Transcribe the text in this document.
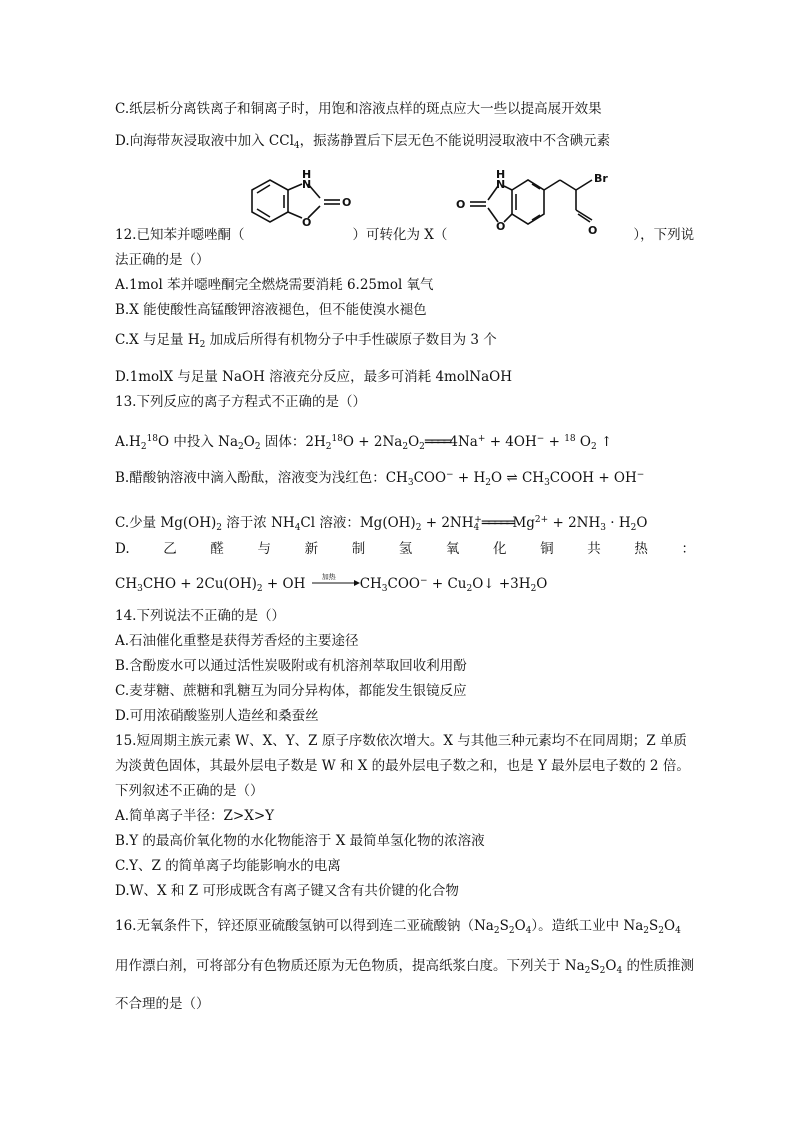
C.纸层析分离铁离子和铜离子时，用饱和溶液点样的斑点应大一些以提高展开效果
D.向海带灰浸取液中加入 CCl$_4$，振荡静置后下层无色不能说明浸取液中不含碘元素
H
N
O
O
H
N
O
O
Br
O
12.已知苯并噁唑酮（	）可转化为 X（	），下列说
法正确的是（）
A.1mol 苯并噁唑酮完全燃烧需要消耗 6.25mol 氧气
B.X 能使酸性高锰酸钾溶液褪色，但不能使溴水褪色
C.X 与足量 $H_2$ 加成后所得有机物分子中手性碳原子数目为 3 个
D.1molX 与足量 NaOH 溶液充分反应，最多可消耗 4molNaOH
13.下列反应的离子方程式不正确的是（）
$A.H_2^{18}O$ 中投入 $Na_2O_2$ 固体：$2H_2^{18}O$ + $2Na_2O_2════4Na^+ + 4OH^- + ^{18}$ $O_2$ ↑
B.醋酸钠溶液中滴入酚酞，溶液变为浅红色：$CH_3COO^- + H_2O$ ⇌ $CH_3COOH + OH^-$
C.少量 $Mg(OH)_2$ 溶于浓 $NH_4Cl$ 溶液：$Mg(OH)_2$ + $2NH_4^+═════Mg^{2+} + 2NH_3 \cdot H_2O$
D. 乙 醛 与 新 制 氢 氧 化 铜 共 热 ：
$CH_3CHO + 2Cu(OH)_2$ + OH 加热 $CH_3COO^-$ + $Cu_2O↓ +3H_2O$
14.下列说法不正确的是（）
A.石油催化重整是获得芳香烃的主要途径
B.含酚废水可以通过活性炭吸附或有机溶剂萃取回收利用酚
C.麦芽糖、蔗糖和乳糖互为同分异构体，都能发生银镜反应
D.可用浓硝酸鉴别人造丝和桑蚕丝
15.短周期主族元素 W、X、Y、Z 原子序数依次增大。X 与其他三种元素均不在同周期；Z 单质
为淡黄色固体，其最外层电子数是 W 和 X 的最外层电子数之和，也是 Y 最外层电子数的 2 倍。
下列叙述不正确的是（）
A.简单离子半径：Z>X>Y
B.Y 的最高价氧化物的水化物能溶于 X 最简单氢化物的浓溶液
C.Y、Z 的简单离子均能影响水的电离
D.W、X 和 Z 可形成既含有离子键又含有共价键的化合物
16.无氧条件下，锌还原亚硫酸氢钠可以得到连二亚硫酸钠$(Na_2S_2O_4)$。造纸工业中 $Na_2S_2O_4$
用作漂白剂，可将部分有色物质还原为无色物质，提高纸浆白度。下列关于 $Na_2S_2O_4$ 的性质推测
不合理的是（）
